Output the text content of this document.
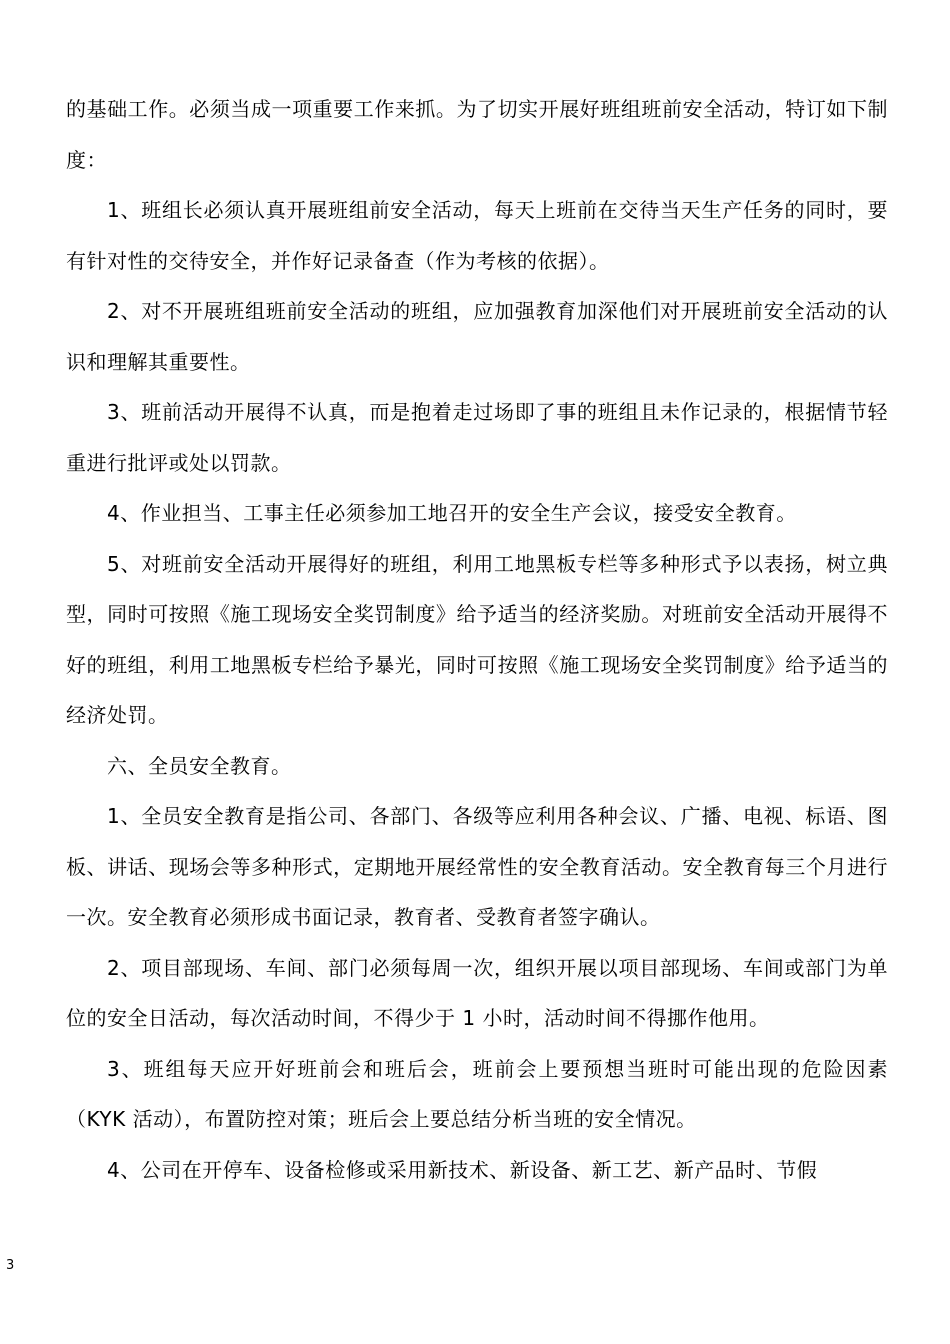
的基础工作。必须当成一项重要工作来抓。为了切实开展好班组班前安全活动，特订如下制度：

1、班组长必须认真开展班组前安全活动，每天上班前在交待当天生产任务的同时，要有针对性的交待安全，并作好记录备查（作为考核的依据）。

2、对不开展班组班前安全活动的班组，应加强教育加深他们对开展班前安全活动的认识和理解其重要性。

3、班前活动开展得不认真，而是抱着走过场即了事的班组且未作记录的，根据情节轻重进行批评或处以罚款。

4、作业担当、工事主任必须参加工地召开的安全生产会议，接受安全教育。

5、对班前安全活动开展得好的班组，利用工地黑板专栏等多种形式予以表扬，树立典型，同时可按照《施工现场安全奖罚制度》给予适当的经济奖励。对班前安全活动开展得不好的班组，利用工地黑板专栏给予暴光，同时可按照《施工现场安全奖罚制度》给予适当的经济处罚。

六、全员安全教育。

1、全员安全教育是指公司、各部门、各级等应利用各种会议、广播、电视、标语、图板、讲话、现场会等多种形式，定期地开展经常性的安全教育活动。安全教育每三个月进行一次。安全教育必须形成书面记录，教育者、受教育者签字确认。

2、项目部现场、车间、部门必须每周一次，组织开展以项目部现场、车间或部门为单位的安全日活动，每次活动时间，不得少于 1 小时，活动时间不得挪作他用。

3、班组每天应开好班前会和班后会，班前会上要预想当班时可能出现的危险因素（KYK 活动），布置防控对策；班后会上要总结分析当班的安全情况。

4、公司在开停车、设备检修或采用新技术、新设备、新工艺、新产品时、节假

3
